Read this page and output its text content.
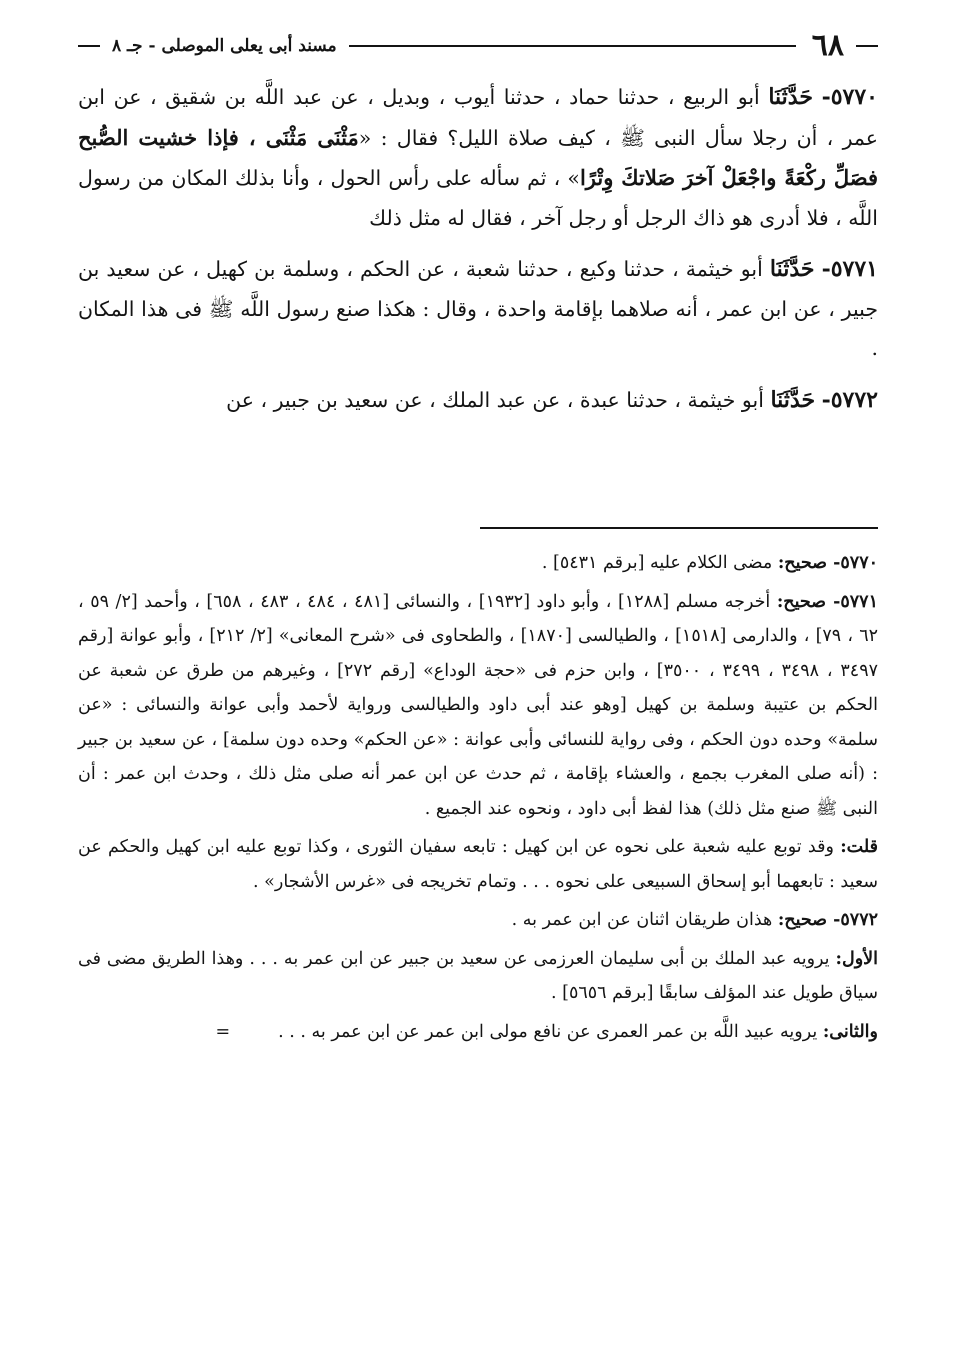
٦٨
مسند أبى يعلى الموصلى - جـ ٨

٥٧٧٠- حَدَّثَنَا أبو الربيع ، حدثنا حماد ، حدثنا أيوب ، وبديل ، عن عبد اللَّه بن شقيق ، عن ابن عمر ، أن رجلا سأل النبى ﷺ ، كيف صلاة الليل؟ فقال : «مَثْنَى مَثْنَى ، فإذا خشيت الصُّبح فصَلِّ ركْعَةً واجْعَلْ آخرَ صَلاتكَ وِتْرًا» ، ثم سأله على رأس الحول ، وأنا بذلك المكان من رسول اللَّه ، فلا أدرى هو ذاك الرجل أو رجل آخر ، فقال له مثل ذلك

٥٧٧١- حَدَّثَنَا أبو خيثمة ، حدثنا وكيع ، حدثنا شعبة ، عن الحكم ، وسلمة بن كهيل ، عن سعيد بن جبير ، عن ابن عمر ، أنه صلاهما بإقامة واحدة ، وقال : هكذا صنع رسول اللَّه ﷺ فى هذا المكان .

٥٧٧٢- حَدَّثَنَا أبو خيثمة ، حدثنا عبدة ، عن عبد الملك ، عن سعيد بن جبير ، عن

٥٧٧٠- صحيح: مضى الكلام عليه [برقم ٥٤٣١] .

٥٧٧١- صحيح: أخرجه مسلم [١٢٨٨] ، وأبو داود [١٩٣٢] ، والنسائى [٤٨١ ، ٤٨٤ ، ٤٨٣ ، ٦٥٨] ، وأحمد [٢/ ٥٩ ، ٦٢ ، ٧٩] ، والدارمى [١٥١٨] ، والطيالسى [١٨٧٠] ، والطحاوى فى «شرح المعانى» [٢/ ٢١٢] ، وأبو عوانة [رقم ٣٤٩٧ ، ٣٤٩٨ ، ٣٤٩٩ ، ٣٥٠٠] ، وابن حزم فى «حجة الوداع» [رقم ٢٧٢] ، وغيرهم من طرق عن شعبة عن الحكم بن عتيبة وسلمة بن كهيل [وهو عند أبى داود والطيالسى ورواية لأحمد وأبى عوانة والنسائى : «عن سلمة» وحده دون الحكم ، وفى رواية للنسائى وأبى عوانة : «عن الحكم» وحده دون سلمة] ، عن سعيد بن جبير : (أنه صلى المغرب بجمع ، والعشاء بإقامة ، ثم حدث عن ابن عمر أنه صلى مثل ذلك ، وحدث ابن عمر : أن النبى ﷺ صنع مثل ذلك) هذا لفظ أبى داود ، ونحوه عند الجميع .

قلت: وقد توبع عليه شعبة على نحوه عن ابن كهيل : تابعه سفيان الثورى ، وكذا توبع عليه ابن كهيل والحكم عن سعيد : تابعهما أبو إسحاق السبيعى على نحوه . . . وتمام تخريجه فى «غرس الأشجار» .

٥٧٧٢- صحيح: هذان طريقان اثنان عن ابن عمر به .

الأول: يرويه عبد الملك بن أبى سليمان العرزمى عن سعيد بن جبير عن ابن عمر به . . . وهذا الطريق مضى فى سياق طويل عند المؤلف سابقًا [برقم ٥٦٥٦] .

والثانى: يرويه عبيد اللَّه بن عمر العمرى عن نافع مولى ابن عمر عن ابن عمر به . . .=
